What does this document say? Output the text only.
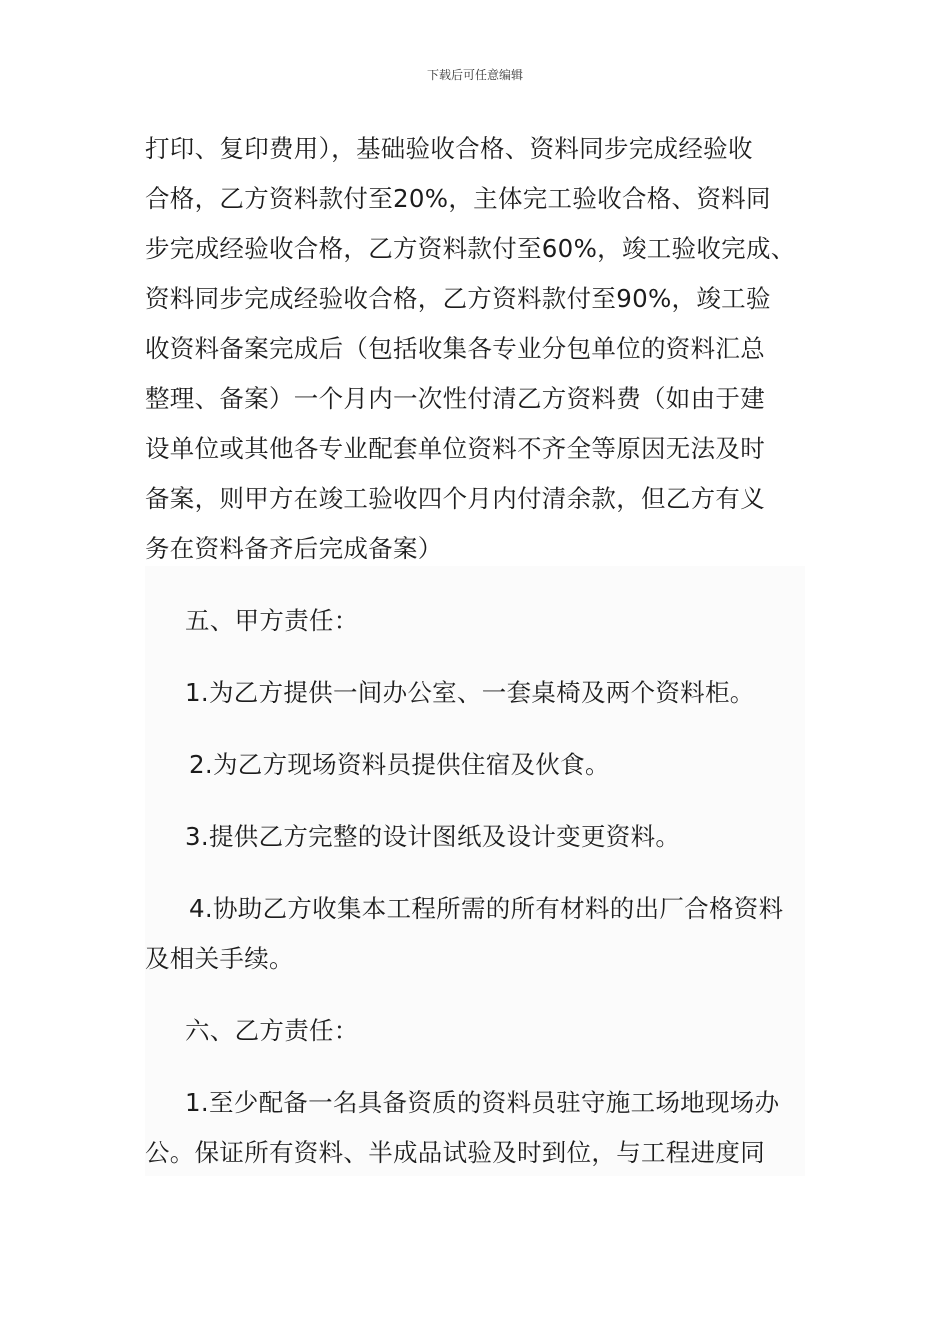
下载后可任意编辑

打印、复印费用），基础验收合格、资料同步完成经验收
合格，乙方资料款付至20%，主体完工验收合格、资料同
步完成经验收合格，乙方资料款付至60%，竣工验收完成、
资料同步完成经验收合格，乙方资料款付至90%，竣工验
收资料备案完成后（包括收集各专业分包单位的资料汇总
整理、备案）一个月内一次性付清乙方资料费（如由于建
设单位或其他各专业配套单位资料不齐全等原因无法及时
备案，则甲方在竣工验收四个月内付清余款，但乙方有义
务在资料备齐后完成备案）

五、甲方责任：

1.为乙方提供一间办公室、一套桌椅及两个资料柜。

2.为乙方现场资料员提供住宿及伙食。

3.提供乙方完整的设计图纸及设计变更资料。

4.协助乙方收集本工程所需的所有材料的出厂合格资料
及相关手续。

六、乙方责任：

1.至少配备一名具备资质的资料员驻守施工场地现场办
公。保证所有资料、半成品试验及时到位，与工程进度同
